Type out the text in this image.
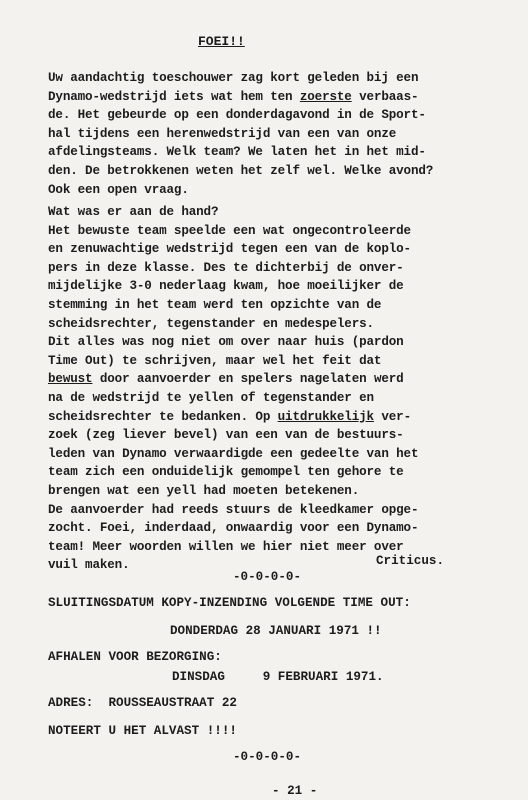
FOEI!!
Uw aandachtig toeschouwer zag kort geleden bij een
Dynamo-wedstrijd iets wat hem ten zoerste verbaas-
de. Het gebeurde op een donderdagavond in de Sport-
hal tijdens een herenwedstrijd van een van onze
afdelingsteams. Welk team? We laten het in het mid-
den. De betrokkenen weten het zelf wel. Welke avond?
Ook een open vraag.
Wat was er aan de hand?
Het bewuste team speelde een wat ongecontroleerde
en zenuwachtige wedstrijd tegen een van de koplo-
pers in deze klasse. Des te dichterbij de onver-
mijdelijke 3-0 nederlaag kwam, hoe moeilijker de
stemming in het team werd ten opzichte van de
scheidsrechter, tegenstander en medespelers.
Dit alles was nog niet om over naar huis (pardon
Time Out) te schrijven, maar wel het feit dat
bewust door aanvoerder en spelers nagelaten werd
na de wedstrijd te yellen of tegenstander en
scheidsrechter te bedanken. Op uitdrukkelijk ver-
zoek (zeg liever bevel) van een van de bestuurs-
leden van Dynamo verwaardigde een gedeelte van het
team zich een onduidelijk gemompel ten gehore te
brengen wat een yell had moeten betekenen.
De aanvoerder had reeds stuurs de kleedkamer opge-
zocht. Foei, inderdaad, onwaardig voor een Dynamo-
team! Meer woorden willen we hier niet meer over
vuil maken.	Criticus.
-0-0-0-0-
SLUITINGSDATUM KOPY-INZENDING VOLGENDE TIME OUT:
DONDERDAG 28 JANUARI 1971 !!
AFHALEN VOOR BEZORGING:
DINSDAG     9 FEBRUARI 1971.
ADRES:  ROUSSEAUSTRAAT 22
NOTEERT U HET ALVAST !!!!
-0-0-0-0-
- 21 -
